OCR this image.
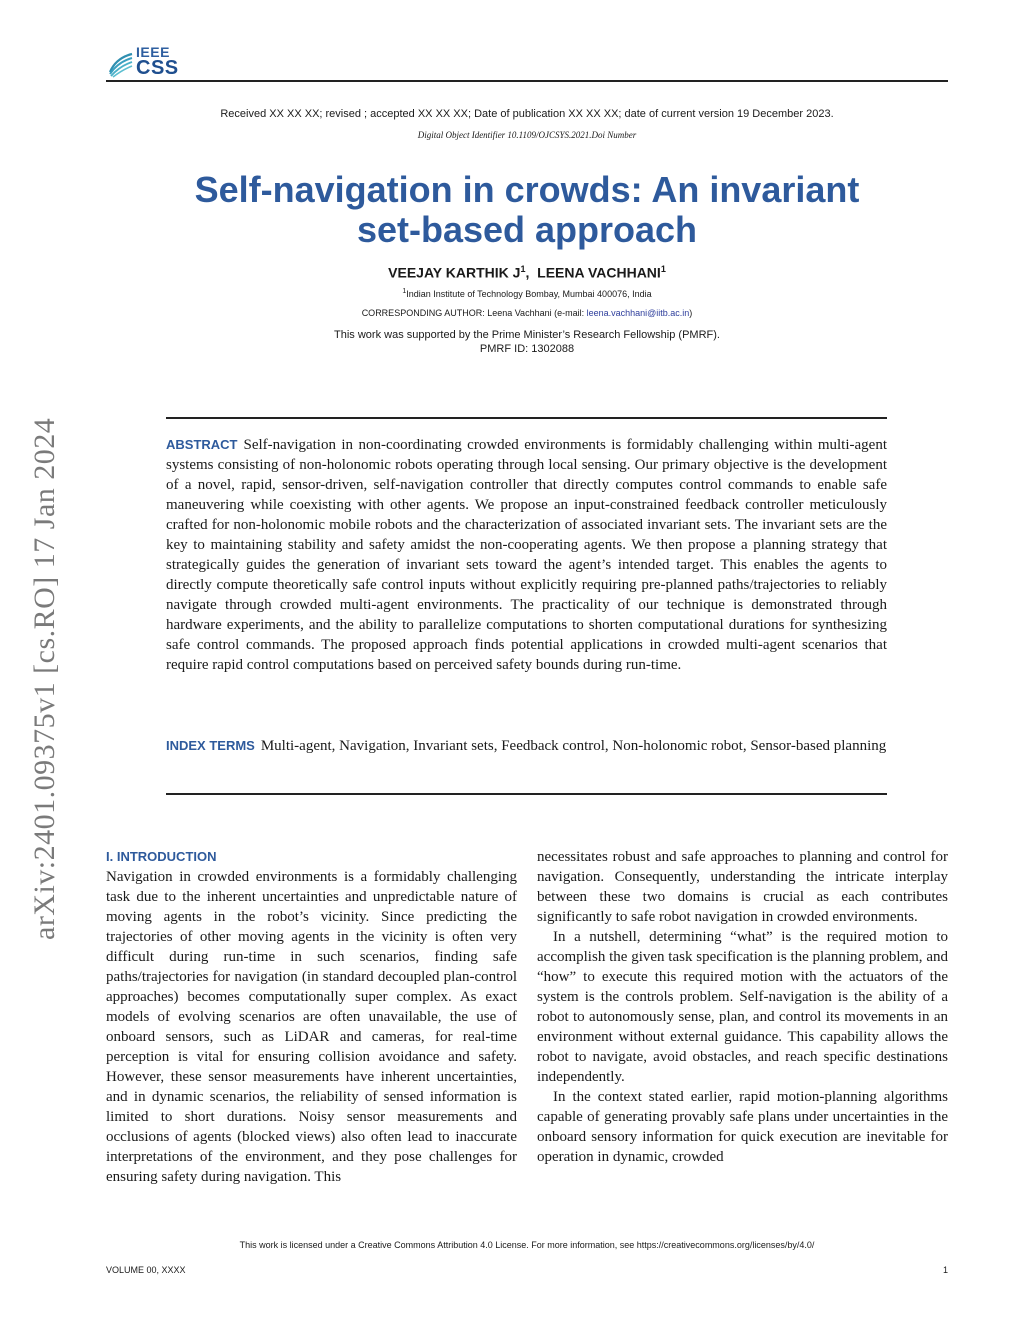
IEEE
CSS
Received XX XX XX; revised ; accepted XX XX XX; Date of publication XX XX XX; date of current version 19 December 2023.
Digital Object Identifier 10.1109/OJCSYS.2021.Doi Number
Self-navigation in crowds: An invariant
set-based approach
VEEJAY KARTHIK $J^1$,  LEENA VACHHANI$^1$
$^1$Indian Institute of Technology Bombay, Mumbai 400076, India
CORRESPONDING AUTHOR: Leena Vachhani (e-mail: leena.vachhani@iitb.ac.in)
This work was supported by the Prime Minister’s Research Fellowship (PMRF).
PMRF ID: 1302088
arXiv:2401.09375v1 [cs.RO] 17 Jan 2024	ABSTRACT Self-navigation in non-coordinating crowded environments is formidably challenging within multi-agent systems consisting of non-holonomic robots operating through local sensing. Our primary objective is the development of a novel, rapid, sensor-driven, self-navigation controller that directly computes control commands to enable safe maneuvering while coexisting with other agents. We propose an input-constrained feedback controller meticulously crafted for non-holonomic mobile robots and the characterization of associated invariant sets. The invariant sets are the key to maintaining stability and safety amidst the non-cooperating agents. We then propose a planning strategy that strategically guides the generation of invariant sets toward the agent’s intended target. This enables the agents to directly compute theoretically safe control inputs without explicitly requiring pre-planned paths/trajectories to reliably navigate through crowded multi-agent environments. The practicality of our technique is demonstrated through hardware experiments, and the ability to parallelize computations to shorten computational durations for synthesizing safe control commands. The proposed approach finds potential applications in crowded multi-agent scenarios that require rapid control computations based on perceived safety bounds during run-time.
INDEX TERMS Multi-agent, Navigation, Invariant sets, Feedback control, Non-holonomic robot, Sensor-based planning
I. INTRODUCTION

Navigation in crowded environments is a formidably challenging task due to the inherent uncertainties and unpredictable nature of moving agents in the robot’s vicinity. Since predicting the trajectories of other moving agents in the vicinity is often very difficult during run-time in such scenarios, finding safe paths/trajectories for navigation (in standard decoupled plan-control approaches) becomes computationally super complex. As exact models of evolving scenarios are often unavailable, the use of onboard sensors, such as LiDAR and cameras, for real-time perception is vital for ensuring collision avoidance and safety. However, these sensor measurements have inherent uncertainties, and in dynamic scenarios, the reliability of sensed information is limited to short durations. Noisy sensor measurements and occlusions of agents (blocked views) also often lead to inaccurate interpretations of the environment, and they pose challenges for ensuring safety during navigation. This

necessitates robust and safe approaches to planning and control for navigation. Consequently, understanding the intricate interplay between these two domains is crucial as each contributes significantly to safe robot navigation in crowded environments.

In a nutshell, determining “what” is the required motion to accomplish the given task specification is the planning problem, and “how” to execute this required motion with the actuators of the system is the controls problem. Self-navigation is the ability of a robot to autonomously sense, plan, and control its movements in an environment without external guidance. This capability allows the robot to navigate, avoid obstacles, and reach specific destinations independently.

In the context stated earlier, rapid motion-planning algorithms capable of generating provably safe plans under uncertainties in the onboard sensory information for quick execution are inevitable for operation in dynamic, crowded

This work is licensed under a Creative Commons Attribution 4.0 License. For more information, see https://creativecommons.org/licenses/by/4.0/
VOLUME 00, XXXX	1
